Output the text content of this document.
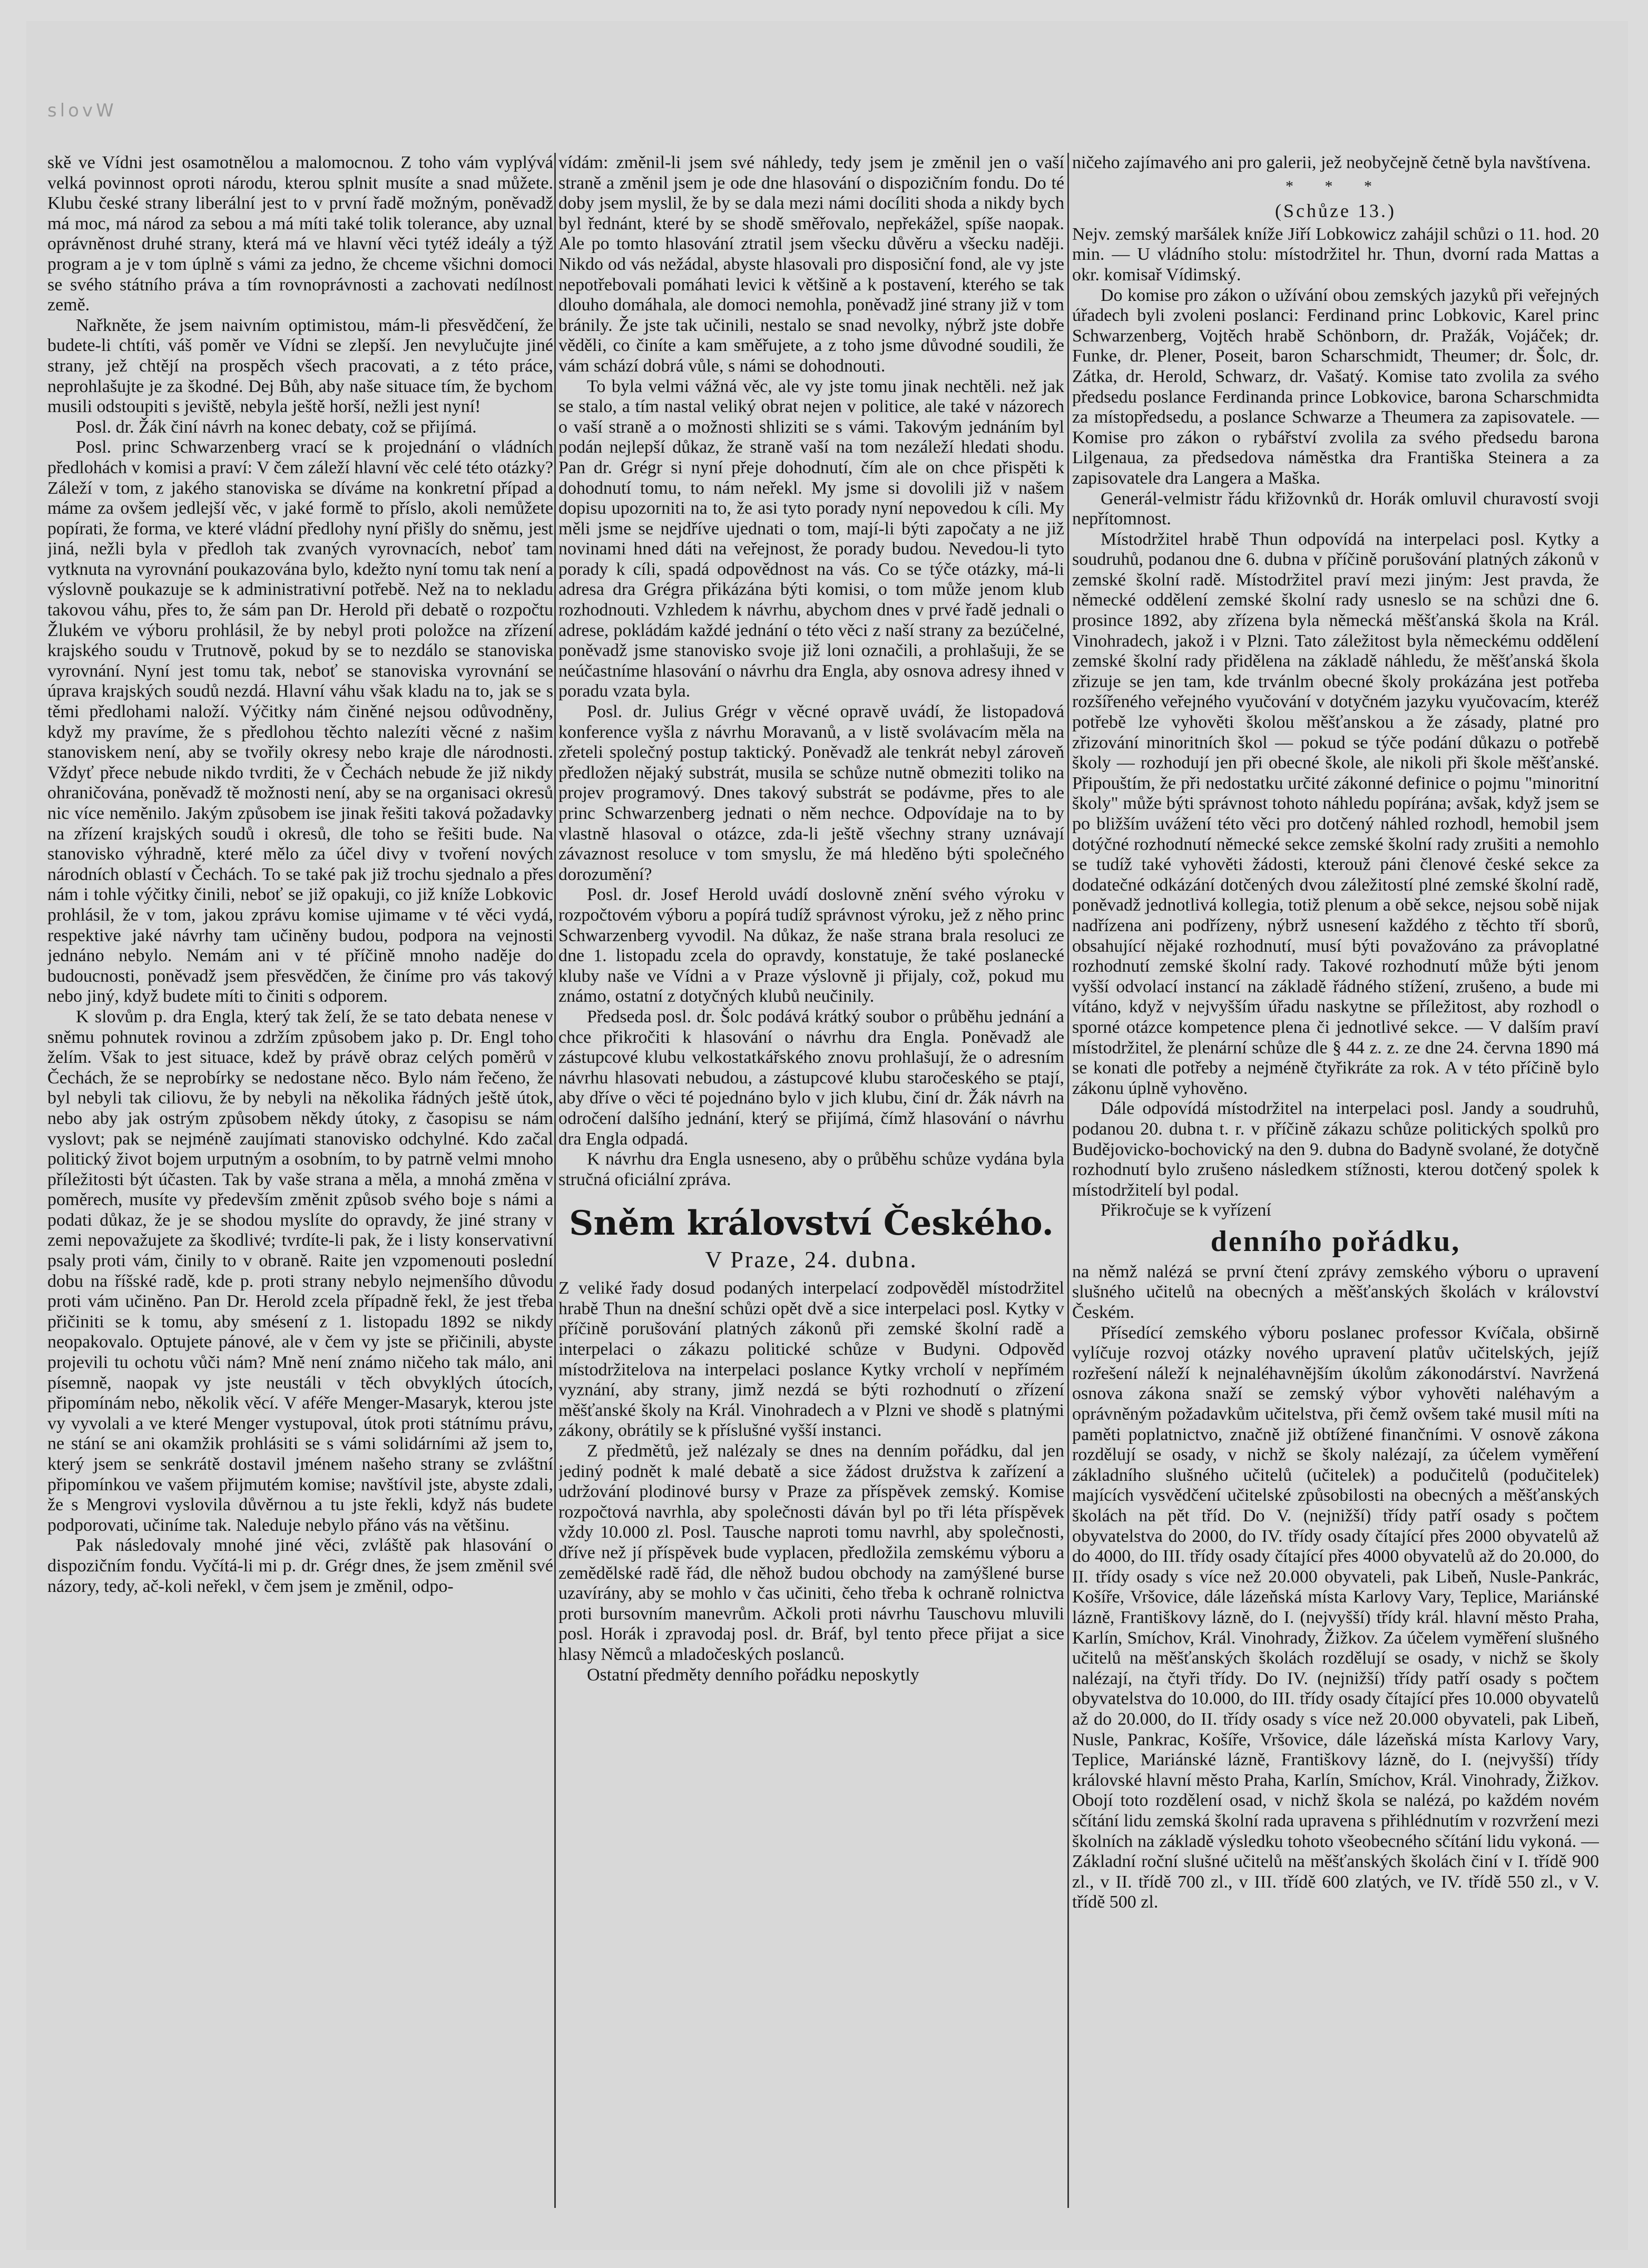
slovW

skě ve Vídni jest osamotnělou a malomocnou. Z toho vám vyplývá velká povinnost oproti národu, kterou splnit musíte a snad můžete. Klubu české strany liberální jest to v první řadě možným, poněvadž má moc, má národ za sebou a má míti také tolik tolerance, aby uznal oprávněnost druhé strany, která má ve hlavní věci tytéž ideály a týž program a je v tom úplně s vámi za jedno, že chceme všichni domoci se svého státního práva a tím rovnoprávnosti a zachovati nedílnost země.

Nařkněte, že jsem naivním optimistou, mám-li přesvědčení, že budete-li chtíti, váš poměr ve Vídni se zlepší. Jen nevylučujte jiné strany, jež chtějí na prospěch všech pracovati, a z této práce, neprohlašujte je za škodné. Dej Bůh, aby naše situace tím, že bychom musili odstoupiti s jeviště, nebyla ještě horší, nežli jest nyní!

Posl. dr. Žák činí návrh na konec debaty, což se přijímá.

Posl. princ Schwarzenberg vrací se k projednání o vládních předlohách v komisi a praví: V čem záleží hlavní věc celé této otázky? Záleží v tom, z jakého stanoviska se díváme na konkretní případ a máme za ovšem jedlejší věc, v jaké formě to příslo, akoli nemůžete popírati, že forma, ve které vládní předlohy nyní přišly do sněmu, jest jiná, nežli byla v předloh tak zvaných vyrovnacích, neboť tam vytknuta na vyrovnání poukazována bylo, kdežto nyní tomu tak není a výslovně poukazuje se k administrativní potřebě. Než na to nekladu takovou váhu, přes to, že sám pan Dr. Herold při debatě o rozpočtu Žlukém ve výboru prohlásil, že by nebyl proti položce na zřízení krajského soudu v Trutnově, pokud by se to nezdálo se stanoviska vyrovnání. Nyní jest tomu tak, neboť se stanoviska vyrovnání se úprava krajských soudů nezdá. Hlavní váhu však kladu na to, jak se s těmi předlohami naloží. Výčitky nám činěné nejsou odůvodněny, když my pravíme, že s předlohou těchto nalezíti věcné z našim stanoviskem není, aby se tvořily okresy nebo kraje dle národnosti. Vždyť přece nebude nikdo tvrditi, že v Čechách nebude že již nikdy ohraničována, poněvadž tě možnosti není, aby se na organisaci okresů nic více neměnilo. Jakým způsobem ise jinak řešiti taková požadavky na zřízení krajských soudů i okresů, dle toho se řešiti bude. Na stanovisko výhradně, které mělo za účel divy v tvoření nových národních oblastí v Čechách. To se také pak již trochu sjednalo a přes nám i tohle výčitky činili, neboť se již opakuji, co již kníže Lobkovic prohlásil, že v tom, jakou zprávu komise ujimame v té věci vydá, respektive jaké návrhy tam učiněny budou, podpora na vejnosti jednáno nebylo. Nemám ani v té příčině mnoho naděje do budoucnosti, poněvadž jsem přesvědčen, že činíme pro vás takový nebo jiný, když budete míti to činiti s odporem.

K slovům p. dra Engla, který tak želí, že se tato debata nenese v sněmu pohnutek rovinou a zdržím způsobem jako p. Dr. Engl toho želím. Však to jest situace, kdež by právě obraz celých poměrů v Čechách, že se neprobírky se nedostane něco. Bylo nám řečeno, že byl nebyli tak ciliovu, že by nebyli na několika řádných ještě útok, nebo aby jak ostrým způsobem někdy útoky, z časopisu se nám vyslovt; pak se nejméně zaujímati stanovisko odchylné. Kdo začal politický život bojem urputným a osobním, to by patrně velmi mnoho příležitosti být účasten. Tak by vaše strana a měla, a mnohá změna v poměrech, musíte vy především změnit způsob svého boje s námi a podati důkaz, že je se shodou myslíte do opravdy, že jiné strany v zemi nepovažujete za škodlivé; tvrdíte-li pak, že i listy konservativní psaly proti vám, činily to v obraně. Raite jen vzpomenouti poslední dobu na říšské radě, kde p. proti strany nebylo nejmenšího důvodu proti vám učiněno. Pan Dr. Herold zcela případně řekl, že jest třeba přičiniti se k tomu, aby smésení z 1. listopadu 1892 se nikdy neopakovalo. Optujete pánové, ale v čem vy jste se přičinili, abyste projevili tu ochotu vůči nám? Mně není známo ničeho tak málo, ani písemně, naopak vy jste neustáli v těch obvyklých útocích, připomínám nebo, několik věcí. V aféře Menger-Masaryk, kterou jste vy vyvolali a ve které Menger vystupoval, útok proti státnímu právu, ne stání se ani okamžik prohlásiti se s vámi solidárními až jsem to, který jsem se senkrátě dostavil jménem našeho strany se zvláštní připomínkou ve vašem přijmutém komise; navštívil jste, abyste zdali, že s Mengrovi vyslovila důvěrnou a tu jste řekli, když nás budete podporovati, učiníme tak. Naleduje nebylo přáno vás na většinu.

Pak následovaly mnohé jiné věci, zvláště pak hlasování o dispozičním fondu. Vyčítá-li mi p. dr. Grégr dnes, že jsem změnil své názory, tedy, ač-koli neřekl, v čem jsem je změnil, odpo-

vídám: změnil-li jsem své náhledy, tedy jsem je změnil jen o vaší straně a změnil jsem je ode dne hlasování o dispozičním fondu. Do té doby jsem myslil, že by se dala mezi námi docíliti shoda a nikdy bych byl řednánt, které by se shodě směřovalo, nepřekážel, spíše naopak. Ale po tomto hlasování ztratil jsem všecku důvěru a všecku naději. Nikdo od vás nežádal, abyste hlasovali pro disposiční fond, ale vy jste nepotřebovali pomáhati levici k většině a k postavení, kterého se tak dlouho domáhala, ale domoci nemohla, poněvadž jiné strany již v tom bránily. Že jste tak učinili, nestalo se snad nevolky, nýbrž jste dobře věděli, co činíte a kam směřujete, a z toho jsme důvodné soudili, že vám schází dobrá vůle, s námi se dohodnouti.

To byla velmi vážná věc, ale vy jste tomu jinak nechtěli. než jak se stalo, a tím nastal veliký obrat nejen v politice, ale také v názorech o vaší straně a o možnosti shliziti se s vámi. Takovým jednáním byl podán nejlepší důkaz, že straně vaší na tom nezáleží hledati shodu. Pan dr. Grégr si nyní přeje dohodnutí, čím ale on chce přispěti k dohodnutí tomu, to nám neřekl. My jsme si dovolili již v našem dopisu upozorniti na to, že asi tyto porady nyní nepovedou k cíli. My měli jsme se nejdříve ujednati o tom, mají-li býti započaty a ne již novinami hned dáti na veřejnost, že porady budou. Nevedou-li tyto porady k cíli, spadá odpovědnost na vás. Co se týče otázky, má-li adresa dra Grégra přikázána býti komisi, o tom může jenom klub rozhodnouti. Vzhledem k návrhu, abychom dnes v prvé řadě jednali o adrese, pokládám každé jednání o této věci z naší strany za bezúčelné, poněvadž jsme stanovisko svoje již loni označili, a prohlašuji, že se neúčastníme hlasování o návrhu dra Engla, aby osnova adresy ihned v poradu vzata byla.

Posl. dr. Julius Grégr v věcné opravě uvádí, že listopadová konference vyšla z návrhu Moravanů, a v listě svolávacím měla na zřeteli společný postup taktický. Poněvadž ale tenkrát nebyl zároveň předložen nějaký substrát, musila se schůze nutně obmeziti toliko na projev programový. Dnes takový substrát se podávme, přes to ale princ Schwarzenberg jednati o něm nechce. Odpovídaje na to by vlastně hlasoval o otázce, zda-li ještě všechny strany uznávají závaznost resoluce v tom smyslu, že má hleděno býti společného dorozumění?

Posl. dr. Josef Herold uvádí doslovně znění svého výroku v rozpočtovém výboru a popírá tudíž správnost výroku, jež z něho princ Schwarzenberg vyvodil. Na důkaz, že naše strana brala resoluci ze dne 1. listopadu zcela do opravdy, konstatuje, že také poslanecké kluby naše ve Vídni a v Praze výslovně ji přijaly, což, pokud mu známo, ostatní z dotyčných klubů neučinily.

Předseda posl. dr. Šolc podává krátký soubor o průběhu jednání a chce přikročiti k hlasování o návrhu dra Engla. Poněvadž ale zástupcové klubu velkostatkářského znovu prohlašují, že o adresním návrhu hlasovati nebudou, a zástupcové klubu staročeského se ptají, aby dříve o věci té pojednáno bylo v jich klubu, činí dr. Žák návrh na odročení dalšího jednání, který se přijímá, čímž hlasování o návrhu dra Engla odpadá.

K návrhu dra Engla usneseno, aby o průběhu schůze vydána byla stručná oficiální zpráva.

Sněm království Českého.
V Praze, 24. dubna.

Z veliké řady dosud podaných interpelací zodpověděl místodržitel hrabě Thun na dnešní schůzi opět dvě a sice interpelaci posl. Kytky v příčině porušování platných zákonů při zemské školní radě a interpelaci o zákazu politické schůze v Budyni. Odpověd místodržitelova na interpelaci poslance Kytky vrcholí v nepřímém vyznání, aby strany, jimž nezdá se býti rozhodnutí o zřízení měšťanské školy na Král. Vinohradech a v Plzni ve shodě s platnými zákony, obrátily se k příslušné vyšší instanci.

Z předmětů, jež nalézaly se dnes na denním pořádku, dal jen jediný podnět k malé debatě a sice žádost družstva k zařízení a udržování plodinové bursy v Praze za příspěvek zemský. Komise rozpočtová navrhla, aby společnosti dáván byl po tři léta příspěvek vždy 10.000 zl. Posl. Tausche naproti tomu navrhl, aby společnosti, dříve než jí příspěvek bude vyplacen, předložila zemskému výboru a zemědělské radě řád, dle něhož budou obchody na zamýšlené burse uzavírány, aby se mohlo v čas učiniti, čeho třeba k ochraně rolnictva proti bursovním manevrům. Ačkoli proti návrhu Tauschovu mluvili posl. Horák i zpravodaj posl. dr. Bráf, byl tento přece přijat a sice hlasy Němců a mladočeských poslanců.

Ostatní předměty denního pořádku neposkytly

ničeho zajímavého ani pro galerii, jež neobyčejně četně byla navštívena.

* * *
(Schůze 13.)

Nejv. zemský maršálek kníže Jiří Lobkowicz zahájil schůzi o 11. hod. 20 min. — U vládního stolu: místodržitel hr. Thun, dvorní rada Mattas a okr. komisař Vídimský.

Do komise pro zákon o užívání obou zemských jazyků při veřejných úřadech byli zvoleni poslanci: Ferdinand princ Lobkovic, Karel princ Schwarzenberg, Vojtěch hrabě Schönborn, dr. Pražák, Vojáček; dr. Funke, dr. Plener, Poseit, baron Scharschmidt, Theumer; dr. Šolc, dr. Zátka, dr. Herold, Schwarz, dr. Vašatý. Komise tato zvolila za svého předsedu poslance Ferdinanda prince Lobkovice, barona Scharschmidta za místopředsedu, a poslance Schwarze a Theumera za zapisovatele. — Komise pro zákon o rybářství zvolila za svého předsedu barona Lilgenaua, za předsedova náměstka dra Františka Steinera a za zapisovatele dra Langera a Maška.

Generál-velmistr řádu křižovnků dr. Horák omluvil churavostí svoji nepřítomnost.

Místodržitel hrabě Thun odpovídá na interpelaci posl. Kytky a soudruhů, podanou dne 6. dubna v příčině porušování platných zákonů v zemské školní radě. Místodržitel praví mezi jiným: Jest pravda, že německé oddělení zemské školní rady usneslo se na schůzi dne 6. prosince 1892, aby zřízena byla německá měšťanská škola na Král. Vinohradech, jakož i v Plzni. Tato záležitost byla německému oddělení zemské školní rady přidělena na základě náhledu, že měšťanská škola zřizuje se jen tam, kde trvánlm obecné školy prokázána jest potřeba rozšířeného veřejného vyučování v dotyčném jazyku vyučovacím, kteréž potřebě lze vyhověti školou měšťanskou a že zásady, platné pro zřizování minoritních škol — pokud se týče podání důkazu o potřebě školy — rozhodují jen při obecné škole, ale nikoli při škole měšťanské. Připouštím, že při nedostatku určité zákonné definice o pojmu "minoritní školy" může býti správnost tohoto náhledu popírána; avšak, když jsem se po bližším uvážení této věci pro dotčený náhled rozhodl, hemobil jsem dotýčné rozhodnutí německé sekce zemské školní rady zrušiti a nemohlo se tudíž také vyhověti žádosti, kterouž páni členové české sekce za dodatečné odkázání dotčených dvou záležitostí plné zemské školní radě, poněvadž jednotlivá kollegia, totiž plenum a obě sekce, nejsou sobě nijak nadřízena ani podřízeny, nýbrž usnesení každého z těchto tří sborů, obsahující nějaké rozhodnutí, musí býti považováno za právoplatné rozhodnutí zemské školní rady. Takové rozhodnutí může býti jenom vyšší odvolací instancí na základě řádného stížení, zrušeno, a bude mi vítáno, když v nejvyšším úřadu naskytne se příležitost, aby rozhodl o sporné otázce kompetence plena či jednotlivé sekce. — V dalším praví místodržitel, že plenární schůze dle § 44 z. z. ze dne 24. června 1890 má se konati dle potřeby a nejméně čtyřikráte za rok. A v této příčině bylo zákonu úplně vyhověno.

Dále odpovídá místodržitel na interpelaci posl. Jandy a soudruhů, podanou 20. dubna t. r. v příčině zákazu schůze politických spolků pro Budějovicko-bochovický na den 9. dubna do Badyně svolané, že dotyčně rozhodnutí bylo zrušeno následkem stížnosti, kterou dotčený spolek k místodržitelí byl podal.

Přikročuje se k vyřízení

denního pořádku,

na němž nalézá se první čtení zprávy zemského výboru o upravení slušného učitelů na obecných a měšťanských školách v království Českém.

Přísedící zemského výboru poslanec professor Kvíčala, obširně vylíčuje rozvoj otázky nového upravení platův učitelských, jejíž rozřešení náleží k nejnaléhavnějším úkolům zákonodárství. Navržená osnova zákona snaží se zemský výbor vyhověti naléhavým a oprávněným požadavkům učitelstva, při čemž ovšem také musil míti na paměti poplatnictvo, značně již obtížené finančními. V osnově zákona rozdělují se osady, v nichž se školy nalézají, za účelem vyměření základního slušného učitelů (učitelek) a podučitelů (podučitelek) majících vysvědčení učitelské způsobilosti na obecných a měšťanských školách na pět tříd. Do V. (nejnižší) třídy patří osady s počtem obyvatelstva do 2000, do IV. třídy osady čítající přes 2000 obyvatelů až do 4000, do III. třídy osady čítající přes 4000 obyvatelů až do 20.000, do II. třídy osady s více než 20.000 obyvateli, pak Libeň, Nusle-Pankrác, Košíře, Vršovice, dále lázeňská místa Karlovy Vary, Teplice, Mariánské lázně, Františkovy lázně, do I. (nejvyšší) třídy král. hlavní město Praha, Karlín, Smíchov, Král. Vinohrady, Žižkov. Za účelem vyměření slušného učitelů na měšťanských školách rozdělují se osady, v nichž se školy nalézají, na čtyři třídy. Do IV. (nejnižší) třídy patří osady s počtem obyvatelstva do 10.000, do III. třídy osady čítající přes 10.000 obyvatelů až do 20.000, do II. třídy osady s více než 20.000 obyvateli, pak Libeň, Nusle, Pankrac, Košíře, Vršovice, dále lázeňská místa Karlovy Vary, Teplice, Mariánské lázně, Františkovy lázně, do I. (nejvyšší) třídy královské hlavní město Praha, Karlín, Smíchov, Král. Vinohrady, Žižkov. Obojí toto rozdělení osad, v nichž škola se nalézá, po každém novém sčítání lidu zemská školní rada upravena s přihlédnutím v rozvržení mezi školních na základě výsledku tohoto všeobecného sčítání lidu vykoná. — Základní roční slušné učitelů na měšťanských školách činí v I. třídě 900 zl., v II. třídě 700 zl., v III. třídě 600 zlatých, ve IV. třídě 550 zl., v V. třídě 500 zl.
